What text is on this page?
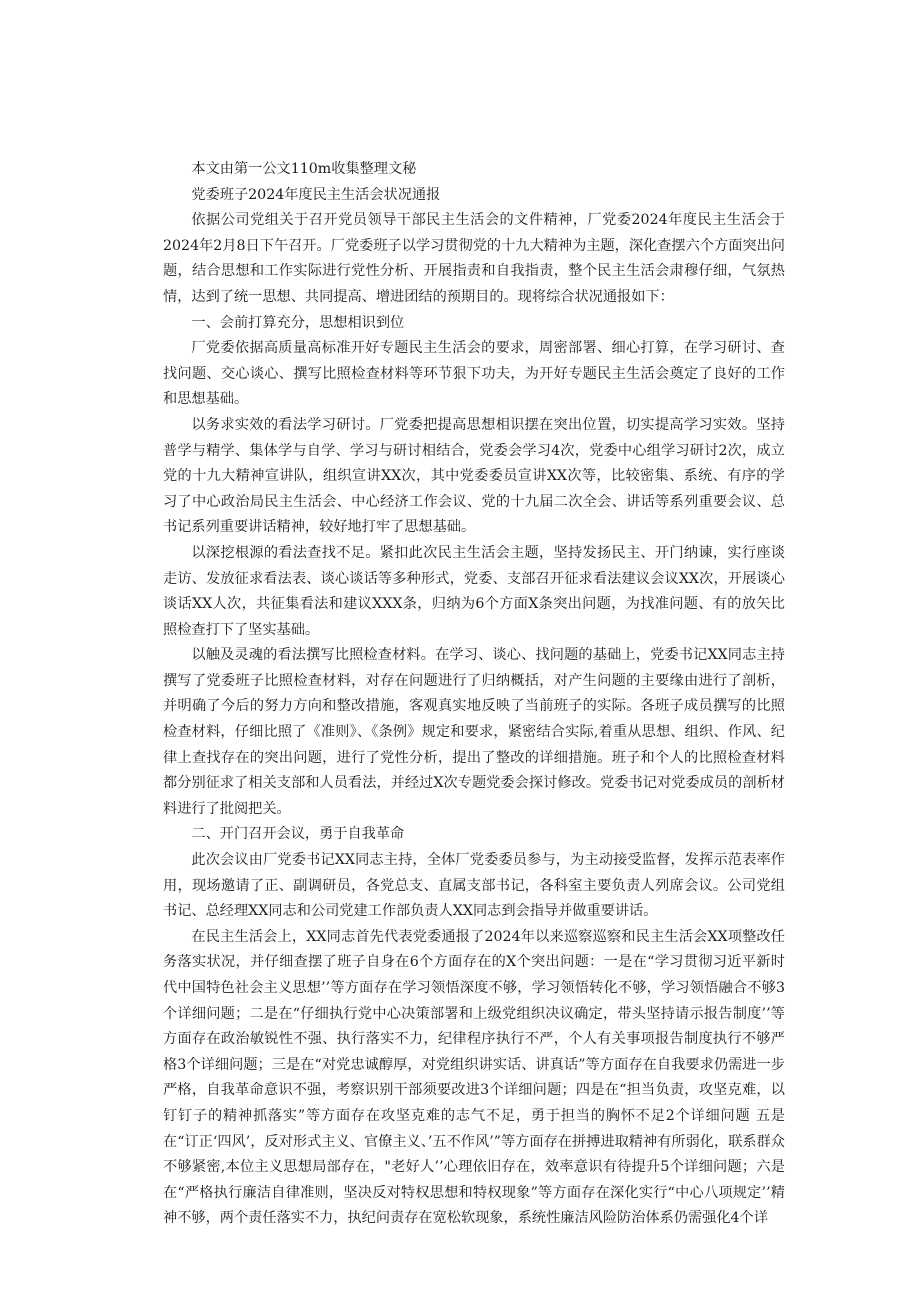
本文由第一公文110m收集整理文秘

党委班子2024年度民主生活会状况通报

依据公司党组关于召开党员领导干部民主生活会的文件精神，厂党委2024年度民主生活会于2024年2月8日下午召开。厂党委班子以学习贯彻党的十九大精神为主题，深化查摆六个方面突出问题，结合思想和工作实际进行党性分析、开展指责和自我指责，整个民主生活会肃穆仔细，气氛热情，达到了统一思想、共同提高、增进团结的预期目的。现将综合状况通报如下：

一、会前打算充分，思想相识到位

厂党委依据高质量高标准开好专题民主生活会的要求，周密部署、细心打算，在学习研讨、查找问题、交心谈心、撰写比照检查材料等环节狠下功夫，为开好专题民主生活会奠定了良好的工作和思想基础。

以务求实效的看法学习研讨。厂党委把提高思想相识摆在突出位置，切实提高学习实效。坚持普学与精学、集体学与自学、学习与研讨相结合，党委会学习4次，党委中心组学习研讨2次，成立党的十九大精神宣讲队，组织宣讲XX次，其中党委委员宣讲XX次等，比较密集、系统、有序的学习了中心政治局民主生活会、中心经济工作会议、党的十九届二次全会、讲话等系列重要会议、总书记系列重要讲话精神，较好地打牢了思想基础。

以深挖根源的看法查找不足。紧扣此次民主生活会主题，坚持发扬民主、开门纳谏，实行座谈走访、发放征求看法表、谈心谈话等多种形式，党委、支部召开征求看法建议会议XX次，开展谈心谈话XX人次，共征集看法和建议XXX条，归纳为6个方面X条突出问题，为找准问题、有的放矢比照检查打下了坚实基础。

以触及灵魂的看法撰写比照检查材料。在学习、谈心、找问题的基础上，党委书记XX同志主持撰写了党委班子比照检查材料，对存在问题进行了归纳概括，对产生问题的主要缘由进行了剖析，并明确了今后的努力方向和整改措施，客观真实地反映了当前班子的实际。各班子成员撰写的比照检查材料，仔细比照了《准则》、《条例》规定和要求，紧密结合实际,着重从思想、组织、作风、纪律上查找存在的突出问题，进行了党性分析，提出了整改的详细措施。班子和个人的比照检查材料都分别征求了相关支部和人员看法，并经过X次专题党委会探讨修改。党委书记对党委成员的剖析材料进行了批阅把关。

二、开门召开会议，勇于自我革命

此次会议由厂党委书记XX同志主持，全体厂党委委员参与，为主动接受监督，发挥示范表率作用，现场邀请了正、副调研员，各党总支、直属支部书记，各科室主要负责人列席会议。公司党组书记、总经理XX同志和公司党建工作部负责人XX同志到会指导并做重要讲话。

在民主生活会上，XX同志首先代表党委通报了2024年以来巡察巡察和民主生活会XX项整改任务落实状况，并仔细查摆了班子自身在6个方面存在的X个突出问题：一是在“学习贯彻习近平新时代中国特色社会主义思想’’等方面存在学习领悟深度不够，学习领悟转化不够，学习领悟融合不够3个详细问题；二是在“仔细执行党中心决策部署和上级党组织决议确定，带头坚持请示报告制度’’等方面存在政治敏锐性不强、执行落实不力，纪律程序执行不严，个人有关事项报告制度执行不够严格3个详细问题；三是在“对党忠诚醇厚，对党组织讲实话、讲真话”等方面存在自我要求仍需进一步严格，自我革命意识不强，考察识别干部须要改进3个详细问题；四是在“担当负责，攻坚克难，以钉钉子的精神抓落实”等方面存在攻坚克难的志气不足，勇于担当的胸怀不足2个详细问题 五是在“订正‘四风’，反对形式主义、官僚主义、’五不作风’”等方面存在拼搏进取精神有所弱化，联系群众不够紧密,本位主义思想局部存在，"老好人’’心理依旧存在，效率意识有待提升5个详细问题；六是在“严格执行廉洁自律准则，坚决反对特权思想和特权现象”等方面存在深化实行“中心八项规定’’精神不够，两个责任落实不力，执纪问责存在宽松软现象，系统性廉洁风险防治体系仍需强化4个详
